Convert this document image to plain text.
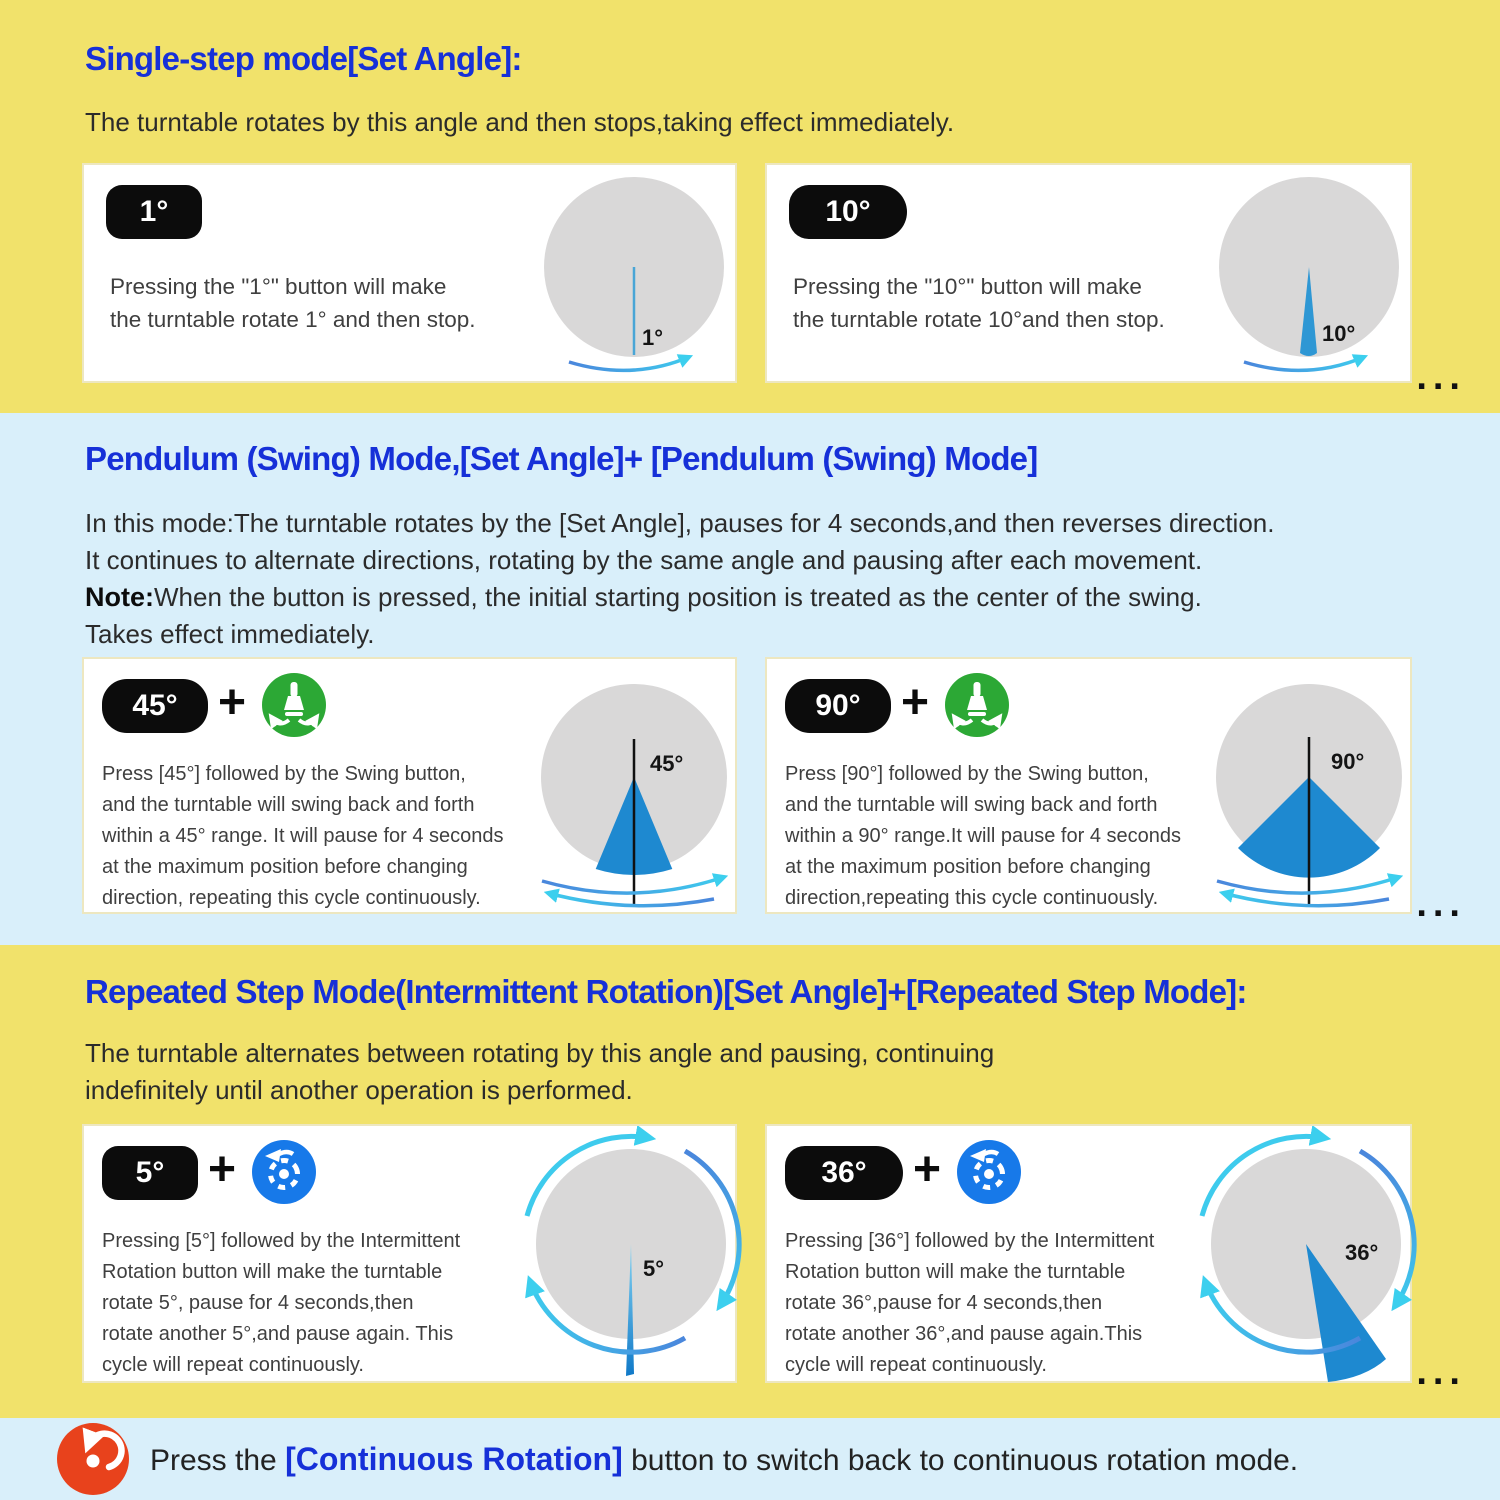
Single-step mode[Set Angle]:
The turntable rotates by this angle and then stops,taking effect immediately.
1°
Pressing the "1°" button will make
the turntable rotate 1° and then stop.
1°
10°
Pressing the "10°" button will make
the turntable rotate 10°and then stop.
10°
...
Pendulum (Swing) Mode,[Set Angle]+ [Pendulum (Swing) Mode]
In this mode:The turntable rotates by the [Set Angle], pauses for 4 seconds,and then reverses direction.
It continues to alternate directions, rotating by the same angle and pausing after each movement.
Note:When the button is pressed, the initial starting position is treated as the center of the swing.
Takes effect immediately.
45° +
Press [45°] followed by the Swing button,
and the turntable will swing back and forth
within a 45° range. It will pause for 4 seconds
at the maximum position before changing
direction, repeating this cycle continuously.
45°
90° +
Press [90°] followed by the Swing button,
and the turntable will swing back and forth
within a 90° range.It will pause for 4 seconds
at the maximum position before changing
direction,repeating this cycle continuously.
90°
...
Repeated Step Mode(Intermittent Rotation)[Set Angle]+[Repeated Step Mode]:
The turntable alternates between rotating by this angle and pausing, continuing
indefinitely until another operation is performed.
5° +
Pressing [5°] followed by the Intermittent
Rotation button will make the turntable
rotate 5°, pause for 4 seconds,then
rotate another 5°,and pause again. This
cycle will repeat continuously.
5°
36° +
Pressing [36°] followed by the Intermittent
Rotation button will make the turntable
rotate 36°,pause for 4 seconds,then
rotate another 36°,and pause again.This
cycle will repeat continuously.
36°
...
Press the [Continuous Rotation] button to switch back to continuous rotation mode.
